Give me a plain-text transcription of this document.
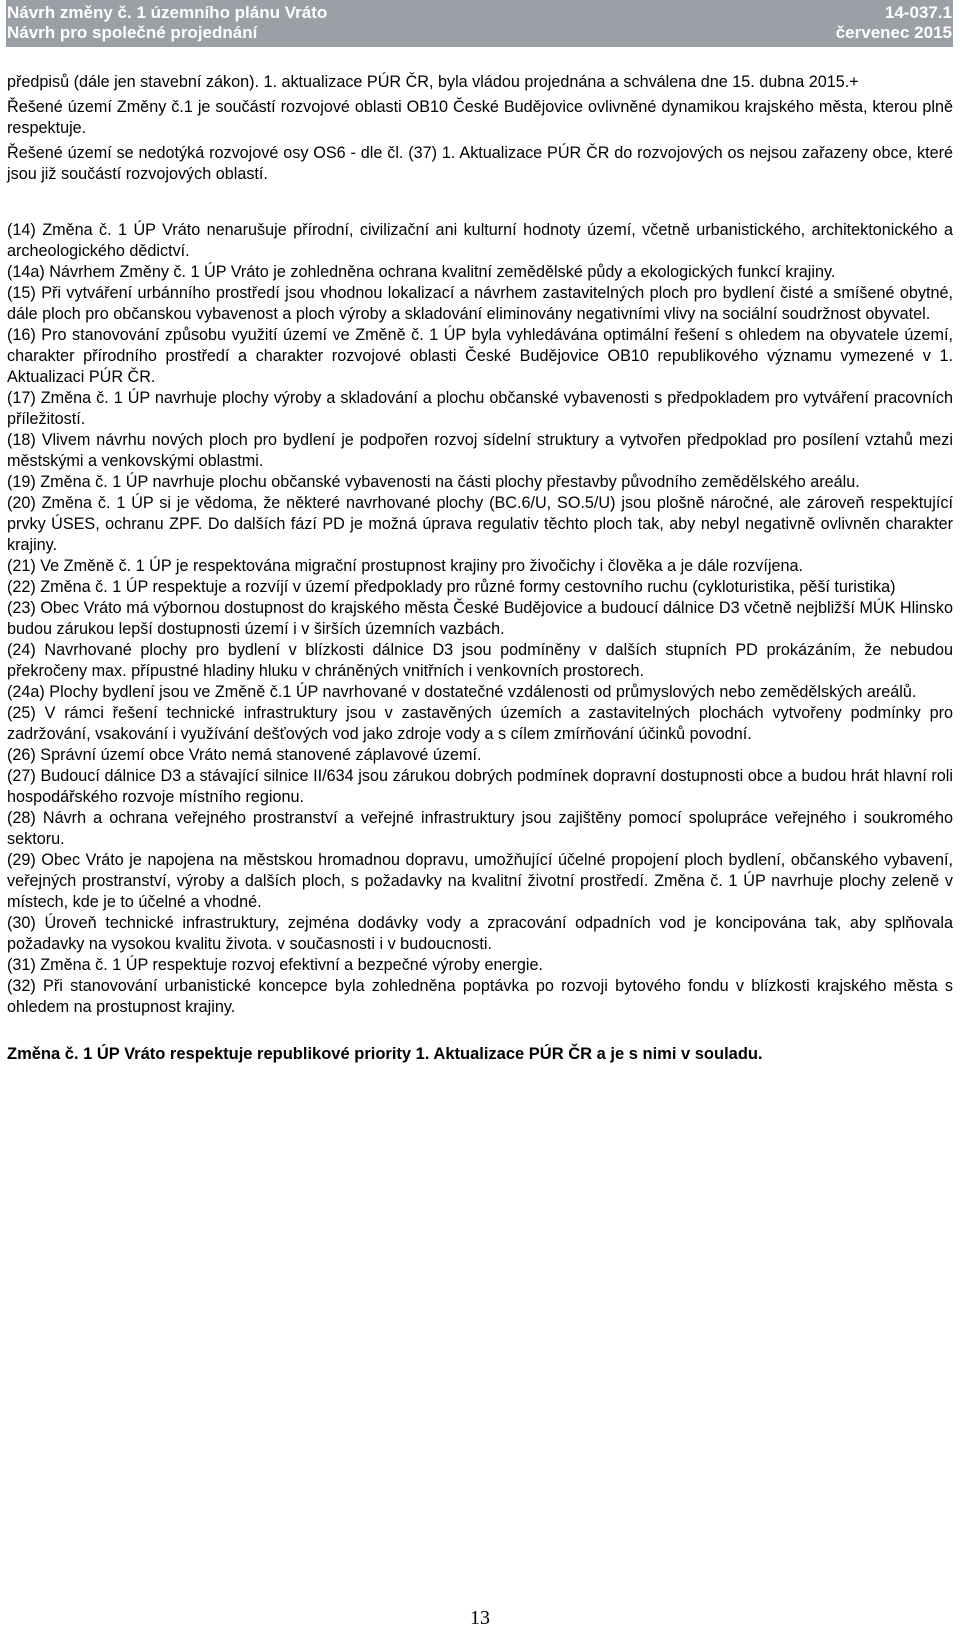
Návrh změny č. 1 územního plánu Vráto	14-037.1
Návrh pro společné projednání	červenec 2015

předpisů (dále jen stavební zákon). 1. aktualizace PÚR ČR, byla vládou projednána a schválena dne 15. dubna 2015.+

Řešené území Změny č.1 je součástí rozvojové oblasti OB10 České Budějovice ovlivněné dynamikou krajského města, kterou plně respektuje.

Řešené území se nedotýká rozvojové osy OS6 - dle čl. (37) 1. Aktualizace PÚR ČR do rozvojových os nejsou zařazeny obce, které jsou již součástí rozvojových oblastí.

(14) Změna č. 1 ÚP Vráto nenarušuje přírodní, civilizační ani kulturní hodnoty území, včetně urbanistického, architektonického a archeologického dědictví.

(14a) Návrhem Změny č. 1 ÚP Vráto je zohledněna ochrana kvalitní zemědělské půdy a ekologických funkcí krajiny.

(15) Při vytváření urbánního prostředí jsou vhodnou lokalizací a návrhem zastavitelných ploch pro bydlení čisté a smíšené obytné, dále ploch pro občanskou vybavenost a ploch výroby a skladování eliminovány negativními vlivy na sociální soudržnost obyvatel.

(16) Pro stanovování způsobu využití území ve Změně č. 1 ÚP byla vyhledávána optimální řešení s ohledem na obyvatele území, charakter přírodního prostředí a charakter rozvojové oblasti České Budějovice OB10 republikového významu vymezené v 1. Aktualizaci PÚR ČR.

(17) Změna č. 1 ÚP navrhuje plochy výroby a skladování a plochu občanské vybavenosti s předpokladem pro vytváření pracovních příležitostí.

(18) Vlivem návrhu nových ploch pro bydlení je podpořen rozvoj sídelní struktury a vytvořen předpoklad pro posílení vztahů mezi městskými a venkovskými oblastmi.

(19) Změna č. 1 ÚP navrhuje plochu občanské vybavenosti na části plochy přestavby původního zemědělského areálu.

(20) Změna č. 1 ÚP si je vědoma, že některé navrhované plochy (BC.6/U, SO.5/U) jsou plošně náročné, ale zároveň respektující prvky ÚSES, ochranu ZPF. Do dalších fází PD je možná úprava regulativ těchto ploch tak, aby nebyl negativně ovlivněn charakter krajiny.

(21) Ve Změně č. 1 ÚP je respektována migrační prostupnost krajiny pro živočichy i člověka a je dále rozvíjena.

(22) Změna č. 1 ÚP respektuje a rozvíjí v území předpoklady pro různé formy cestovního ruchu (cykloturistika, pěší turistika)

(23) Obec Vráto má výbornou dostupnost do krajského města České Budějovice a budoucí dálnice D3 včetně nejbližší MÚK Hlinsko budou zárukou lepší dostupnosti území i v širších územních vazbách.

(24) Navrhované plochy pro bydlení v blízkosti dálnice D3 jsou podmíněny v dalších stupních PD prokázáním, že nebudou překročeny max. přípustné hladiny hluku v chráněných vnitřních i venkovních prostorech.

(24a) Plochy bydlení jsou ve Změně č.1 ÚP navrhované v dostatečné vzdálenosti od průmyslových nebo zemědělských areálů.

(25) V rámci řešení technické infrastruktury jsou v zastavěných územích a zastavitelných plochách vytvořeny podmínky pro zadržování, vsakování i využívání dešťových vod jako zdroje vody a s cílem zmírňování účinků povodní.

(26) Správní území obce Vráto nemá stanovené záplavové území.

(27) Budoucí dálnice D3 a stávající silnice II/634 jsou zárukou dobrých podmínek dopravní dostupnosti obce a budou hrát hlavní roli hospodářského rozvoje místního regionu.

(28) Návrh a ochrana veřejného prostranství a veřejné infrastruktury jsou zajištěny pomocí spolupráce veřejného i soukromého sektoru.

(29) Obec Vráto je napojena na městskou hromadnou dopravu, umožňující účelné propojení ploch bydlení, občanského vybavení, veřejných prostranství, výroby a dalších ploch, s požadavky na kvalitní životní prostředí. Změna č. 1 ÚP navrhuje plochy zeleně v místech, kde je to účelné a vhodné.

(30) Úroveň technické infrastruktury, zejména dodávky vody a zpracování odpadních vod je koncipována tak, aby splňovala požadavky na vysokou kvalitu života. v současnosti i v budoucnosti.

(31) Změna č. 1 ÚP respektuje rozvoj efektivní a bezpečné výroby energie.

(32) Při stanovování urbanistické koncepce byla zohledněna poptávka po rozvoji bytového fondu v blízkosti krajského města s ohledem na prostupnost krajiny.

Změna č. 1 ÚP Vráto respektuje republikové priority 1. Aktualizace PÚR ČR a je s nimi v souladu.

13
